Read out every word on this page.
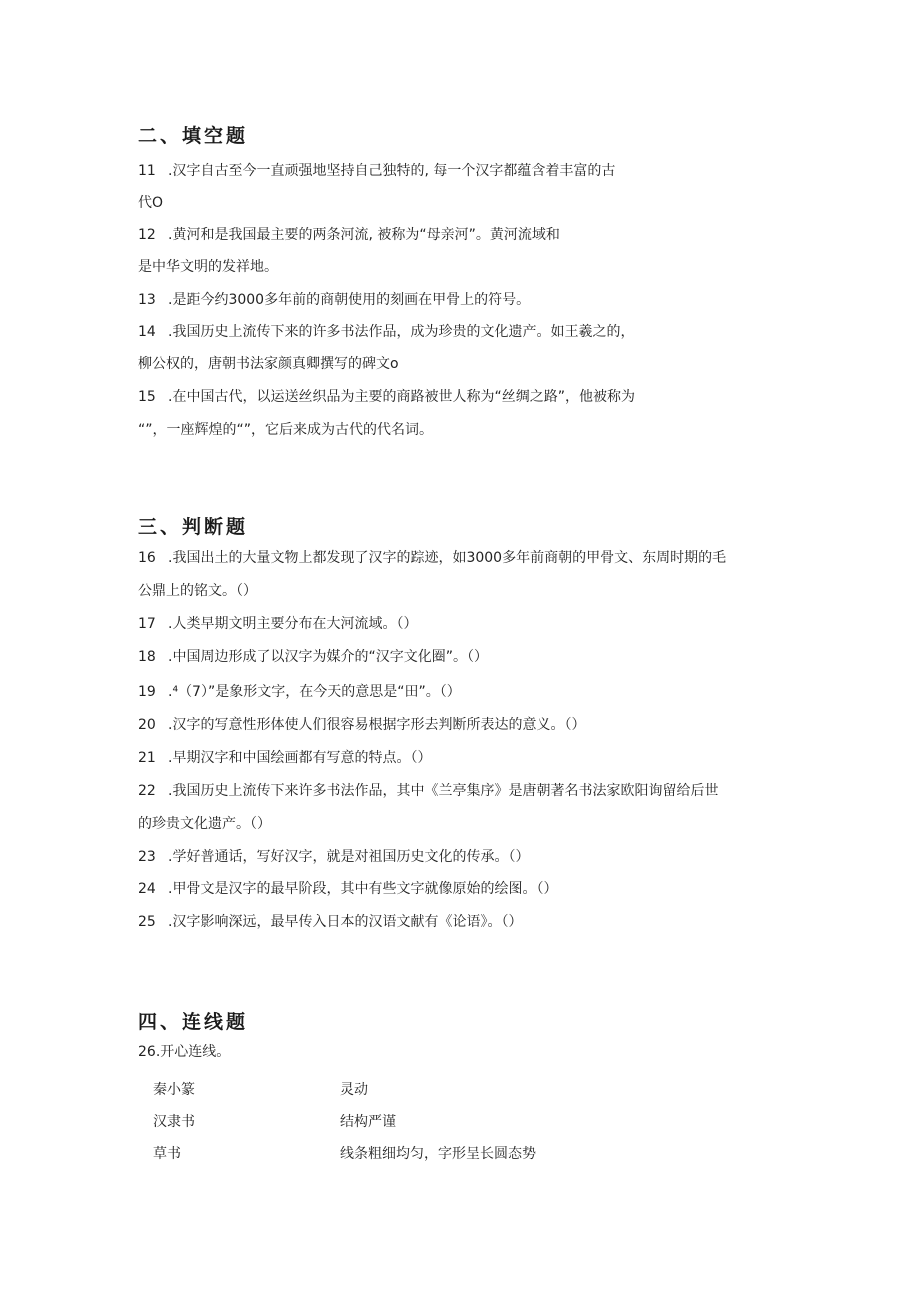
二、填空题
11 .汉字自古至今一直顽强地坚持自己独特的, 每一个汉字都蕴含着丰富的古
代O
12 .黄河和是我国最主要的两条河流, 被称为“母亲河”。黄河流域和
是中华文明的发祥地。
13 .是距今约3000多年前的商朝使用的刻画在甲骨上的符号。
14 .我国历史上流传下来的许多书法作品，成为珍贵的文化遗产。如王羲之的，
柳公权的，唐朝书法家颜真卿撰写的碑文o
15 .在中国古代，以运送丝织品为主要的商路被世人称为“丝绸之路”，他被称为
“”，一座辉煌的“”，它后来成为古代的代名词。
三、判断题
16 .我国出土的大量文物上都发现了汉字的踪迹，如3000多年前商朝的甲骨文、东周时期的毛
公鼎上的铭文。（）
17 .人类早期文明主要分布在大河流域。（）
18 .中国周边形成了以汉字为媒介的“汉字文化圈”。（）
19 .⁴（7）”是象形文字，在今天的意思是“田”。（）
20 .汉字的写意性形体使人们很容易根据字形去判断所表达的意义。（）
21 .早期汉字和中国绘画都有写意的特点。（）
22 .我国历史上流传下来许多书法作品，其中《兰亭集序》是唐朝著名书法家欧阳询留给后世
的珍贵文化遗产。（）
23 .学好普通话，写好汉字，就是对祖国历史文化的传承。（）
24 .甲骨文是汉字的最早阶段，其中有些文字就像原始的绘图。（）
25 .汉字影响深远，最早传入日本的汉语文献有《论语》。（）
四、连线题
26.开心连线。
秦小篆	灵动
汉隶书	结构严谨
草书	线条粗细均匀，字形呈长圆态势
